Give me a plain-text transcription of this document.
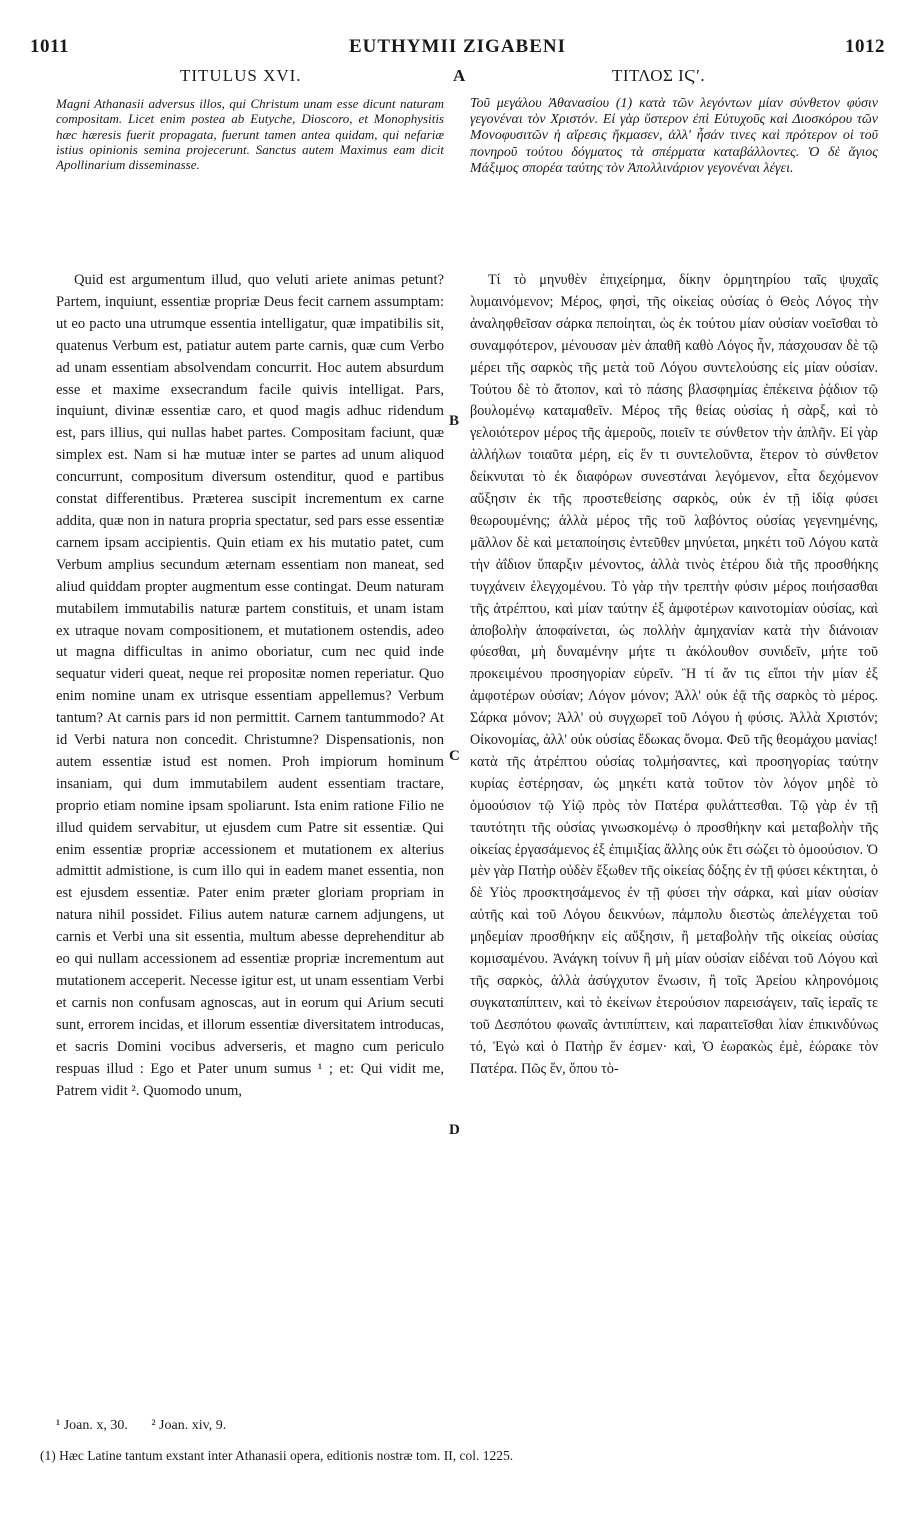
1011	EUTHYMII ZIGABENI	1012
TITULUS XVI.	A	ΤΙΤΛΟΣ ΙϚʹ.
Magni Athanasii adversus illos, qui Christum unam esse dicunt naturam compositam. Licet enim postea ab Eutyche, Dioscoro, et Monophysitis hæc hæresis fuerit propagata, fuerunt tamen antea quidam, qui nefariæ istius opinionis semina projecerunt. Sanctus autem Maximus eam dicit Apollinarium disseminasse.
Τοῦ μεγάλου Ἀθανασίου (1) κατὰ τῶν λεγόντων μίαν σύνθετον φύσιν γεγονέναι τὸν Χριστόν. Εἰ γὰρ ὕστερον ἐπὶ Εὐτυχοῦς καὶ Διοσκόρου τῶν Μονοφυσιτῶν ἡ αἵρεσις ἤκμασεν, ἀλλ' ἦσάν τινες καὶ πρότερον οἱ τοῦ πονηροῦ τούτου δόγματος τὰ σπέρματα καταβάλλοντες. Ὁ δὲ ἅγιος Μάξιμος σπορέα ταύτης τὸν Ἀπολλινάριον γεγονέναι λέγει.

Quid est argumentum illud, quo veluti ariete animas petunt? Partem, inquiunt, essentiæ propriæ Deus fecit carnem assumptam: ut eo pacto una utrumque essentia intelligatur, quæ impatibilis sit, quatenus Verbum est, patiatur autem parte carnis, quæ cum Verbo ad unam essentiam absolvendam concurrit. Hoc autem absurdum esse et maxime exsecrandum facile quivis intelligat. Pars, inquiunt, divinæ essentiæ caro, et quod magis adhuc ridendum est, pars illius, qui nullas habet partes. Compositam faciunt, quæ simplex est. Nam si hæ mutuæ inter se partes ad unum aliquod concurrunt, compositum diversum ostenditur, quod e partibus constat differentibus. Præterea suscipit incrementum ex carne addita, quæ non in natura propria spectatur, sed pars esse essentiæ carnem ipsam accipientis. Quin etiam ex his mutatio patet, cum Verbum amplius secundum æternam essentiam non maneat, sed aliud quiddam propter augmentum esse contingat. Deum naturam mutabilem immutabilis naturæ partem constituis, et unam istam ex utraque novam compositionem, et mutationem ostendis, adeo ut magna difficultas in animo oboriatur, cum nec quid inde sequatur videri queat, neque rei propositæ nomen reperiatur. Quo enim nomine unam ex utrisque essentiam appellemus? Verbum tantum? At carnis pars id non permittit. Carnem tantummodo? At id Verbi natura non concedit. Christumne? Dispensationis, non autem essentiæ istud est nomen. Proh impiorum hominum insaniam, qui dum immutabilem audent essentiam tractare, proprio etiam nomine ipsam spoliarunt. Ista enim ratione Filio ne illud quidem servabitur, ut ejusdem cum Patre sit essentiæ. Qui enim essentiæ propriæ accessionem et mutationem ex alterius admittit admistione, is cum illo qui in eadem manet essentia, non est ejusdem essentiæ. Pater enim præter gloriam propriam in natura nihil possidet. Filius autem naturæ carnem adjungens, ut carnis et Verbi una sit essentia, multum abesse deprehenditur ab eo qui nullam accessionem ad essentiæ propriæ incrementum aut mutationem acceperit. Necesse igitur est, ut unam essentiam Verbi et carnis non confusam agnoscas, aut in eorum qui Arium secuti sunt, errorem incidas, et illorum essentiæ diversitatem introducas, et sacris Domini vocibus adverseris, et magno cum periculo respuas illud : Ego et Pater unum sumus ¹ ; et: Qui vidit me, Patrem vidit ². Quomodo unum,

Τί τὸ μηνυθὲν ἐπιχείρημα, δίκην ὁρμητηρίου ταῖς ψυχαῖς λυμαινόμενον; Μέρος, φησὶ, τῆς οἰκείας οὐσίας ὁ Θεὸς Λόγος τὴν ἀναληφθεῖσαν σάρκα πεποίηται, ὡς ἐκ τούτου μίαν οὐσίαν νοεῖσθαι τὸ συναμφότερον, μένουσαν μὲν ἀπαθῆ καθὸ Λόγος ἦν, πάσχουσαν δὲ τῷ μέρει τῆς σαρκὸς τῆς μετὰ τοῦ Λόγου συντελούσης εἰς μίαν οὐσίαν. Τούτου δὲ τὸ ἄτοπον, καὶ τὸ πάσης βλασφημίας ἐπέκεινα ῥᾴδιον τῷ βουλομένῳ καταμαθεῖν. Μέρος τῆς θείας οὐσίας ἡ σὰρξ, καὶ τὸ γελοιότερον μέρος τῆς ἀμεροῦς, ποιεῖν τε σύνθετον τὴν ἁπλῆν. Εἰ γὰρ ἀλλήλων τοιαῦτα μέρη, εἰς ἕν τι συντελοῦντα, ἕτερον τὸ σύνθετον δείκνυται τὸ ἐκ διαφόρων συνεστάναι λεγόμενον, εἶτα δεχόμενον αὔξησιν ἐκ τῆς προστεθείσης σαρκὸς, οὐκ ἐν τῇ ἰδίᾳ φύσει θεωρουμένης; ἀλλὰ μέρος τῆς τοῦ λαβόντος οὐσίας γεγενημένης, μᾶλλον δὲ καὶ μεταποίησις ἐντεῦθεν μηνύεται, μηκέτι τοῦ Λόγου κατὰ τὴν ἀΐδιον ὕπαρξιν μένοντος, ἀλλὰ τινὸς ἑτέρου διὰ τῆς προσθήκης τυγχάνειν ἐλεγχομένου. Τὸ γὰρ τὴν τρεπτὴν φύσιν μέρος ποιήσασθαι τῆς ἀτρέπτου, καὶ μίαν ταύτην ἐξ ἀμφοτέρων καινοτομίαν οὐσίας, καὶ ἀποβολὴν ἀποφαίνεται, ὡς πολλὴν ἀμηχανίαν κατὰ τὴν διάνοιαν φύεσθαι, μὴ δυναμένην μήτε τι ἀκόλουθον συνιδεῖν, μήτε τοῦ προκειμένου προσηγορίαν εὑρεῖν. Ἢ τί ἄν τις εἴποι τὴν μίαν ἐξ ἀμφοτέρων οὐσίαν; Λόγον μόνον; Ἀλλ' οὐκ ἐᾷ τῆς σαρκὸς τὸ μέρος. Σάρκα μόνον; Ἀλλ' οὐ συγχωρεῖ τοῦ Λόγου ἡ φύσις. Ἀλλὰ Χριστόν; Οἰκονομίας, ἀλλ' οὐκ οὐσίας ἔδωκας ὄνομα. Φεῦ τῆς θεομάχου μανίας! κατὰ τῆς ἀτρέπτου οὐσίας τολμήσαντες, καὶ προσηγορίας ταύτην κυρίας ἐστέρησαν, ὡς μηκέτι κατὰ τοῦτον τὸν λόγον μηδὲ τὸ ὁμοούσιον τῷ Υἱῷ πρὸς τὸν Πατέρα φυλάττεσθαι. Τῷ γὰρ ἐν τῇ ταυτότητι τῆς οὐσίας γινωσκομένῳ ὁ προσθήκην καὶ μεταβολὴν τῆς οἰκείας ἐργασάμενος ἐξ ἐπιμιξίας ἄλλης οὐκ ἔτι σώζει τὸ ὁμοούσιον. Ὁ μὲν γὰρ Πατὴρ οὐδὲν ἔξωθεν τῆς οἰκείας δόξης ἐν τῇ φύσει κέκτηται, ὁ δὲ Υἱὸς προσκτησάμενος ἐν τῇ φύσει τὴν σάρκα, καὶ μίαν οὐσίαν αὐτῆς καὶ τοῦ Λόγου δεικνύων, πάμπολυ διεστὼς ἀπελέγχεται τοῦ μηδεμίαν προσθήκην εἰς αὔξησιν, ἢ μεταβολὴν τῆς οἰκείας οὐσίας κομισαμένου. Ἀνάγκη τοίνυν ἢ μὴ μίαν οὐσίαν εἰδέναι τοῦ Λόγου καὶ τῆς σαρκὸς, ἀλλὰ ἀσύγχυτον ἕνωσιν, ἢ τοῖς Ἀρείου κληρονόμοις συγκαταπίπτειν, καὶ τὸ ἐκείνων ἑτερούσιον παρεισάγειν, ταῖς ἱεραῖς τε τοῦ Δεσπότου φωναῖς ἀντιπίπτειν, καὶ παραιτεῖσθαι λίαν ἐπικινδύνως τό, Ἐγὼ καὶ ὁ Πατὴρ ἕν ἐσμεν· καὶ, Ὁ ἑωρακὼς ἐμὲ, ἑώρακε τὸν Πατέρα. Πῶς ἕν, ὅπου τὸ-

B
C
D
¹ Joan. x, 30. ² Joan. xiv, 9.
(1) Hæc Latine tantum exstant inter Athanasii opera, editionis nostræ tom. II, col. 1225.
